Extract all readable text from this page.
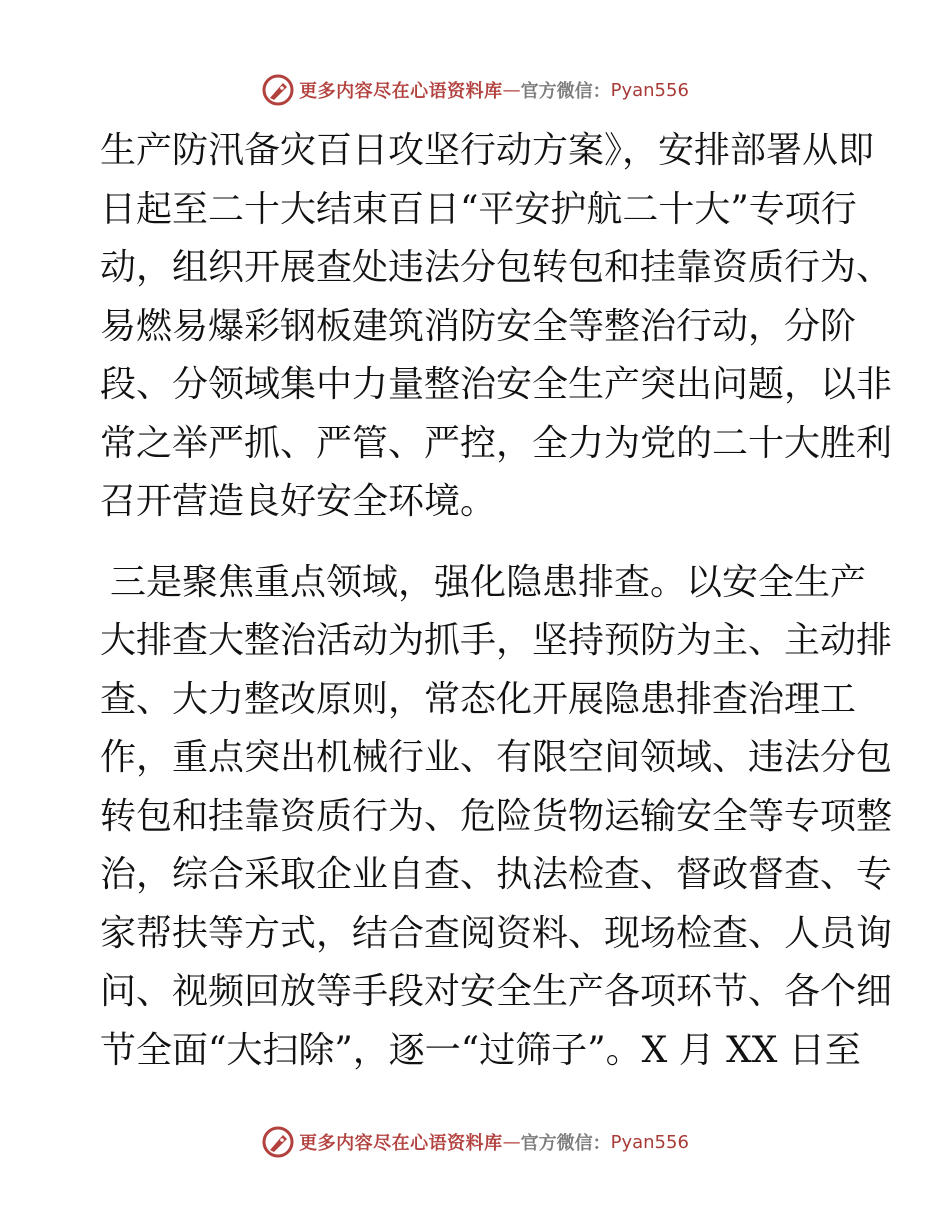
更多内容尽在心语资料库 — 官方微信： Pyan556
生产防汛备灾百日攻坚行动方案》，安排部署从即
日起至二十大结束百日“平安护航二十大”专项行
动，组织开展查处违法分包转包和挂靠资质行为、
易燃易爆彩钢板建筑消防安全等整治行动，分阶
段、分领域集中力量整治安全生产突出问题，以非
常之举严抓、严管、严控，全力为党的二十大胜利
召开营造良好安全环境。
三是聚焦重点领域，强化隐患排查。以安全生产
大排查大整治活动为抓手，坚持预防为主、主动排
查、大力整改原则，常态化开展隐患排查治理工
作，重点突出机械行业、有限空间领域、违法分包
转包和挂靠资质行为、危险货物运输安全等专项整
治，综合采取企业自查、执法检查、督政督查、专
家帮扶等方式，结合查阅资料、现场检查、人员询
问、视频回放等手段对安全生产各项环节、各个细
节全面“大扫除”，逐一“过筛子”。X 月 XX 日至
更多内容尽在心语资料库 — 官方微信： Pyan556
